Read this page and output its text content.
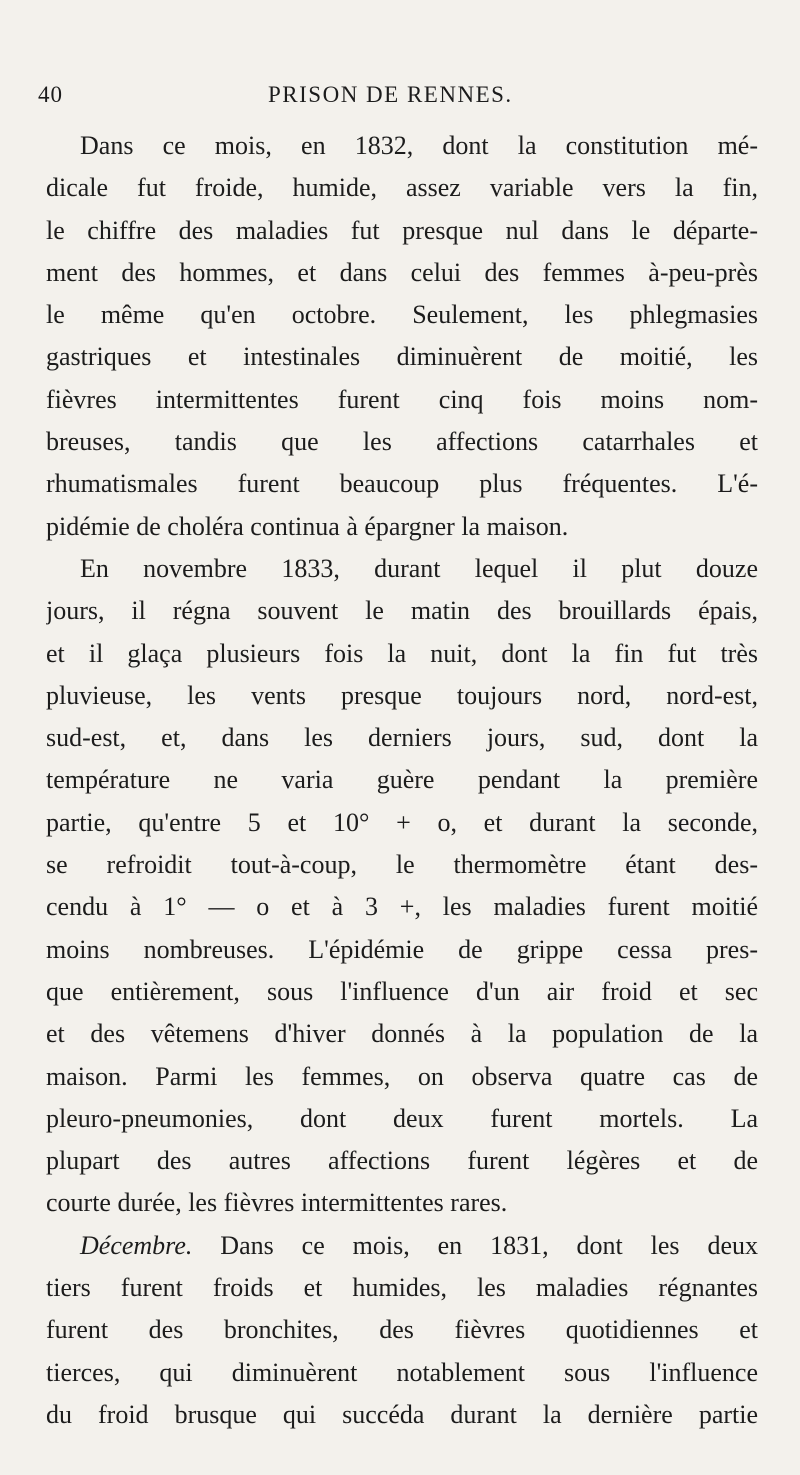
40	PRISON DE RENNES.
Dans ce mois, en 1832, dont la constitution mé-
dicale fut froide, humide, assez variable vers la fin,
le chiffre des maladies fut presque nul dans le départe-
ment des hommes, et dans celui des femmes à-peu-près
le même qu'en octobre. Seulement, les phlegmasies
gastriques et intestinales diminuèrent de moitié, les
fièvres intermittentes furent cinq fois moins nom-
breuses, tandis que les affections catarrhales et
rhumatismales furent beaucoup plus fréquentes. L'é-
pidémie de choléra continua à épargner la maison.
En novembre 1833, durant lequel il plut douze
jours, il régna souvent le matin des brouillards épais,
et il glaça plusieurs fois la nuit, dont la fin fut très
pluvieuse, les vents presque toujours nord, nord-est,
sud-est, et, dans les derniers jours, sud, dont la
température ne varia guère pendant la première
partie, qu'entre 5 et 10° + o, et durant la seconde,
se refroidit tout-à-coup, le thermomètre étant des-
cendu à 1° — o et à 3 +, les maladies furent moitié
moins nombreuses. L'épidémie de grippe cessa pres-
que entièrement, sous l'influence d'un air froid et sec
et des vêtemens d'hiver donnés à la population de la
maison. Parmi les femmes, on observa quatre cas de
pleuro-pneumonies, dont deux furent mortels. La
plupart des autres affections furent légères et de
courte durée, les fièvres intermittentes rares.
Décembre. Dans ce mois, en 1831, dont les deux
tiers furent froids et humides, les maladies régnantes
furent des bronchites, des fièvres quotidiennes et
tierces, qui diminuèrent notablement sous l'influence
du froid brusque qui succéda durant la dernière partie
